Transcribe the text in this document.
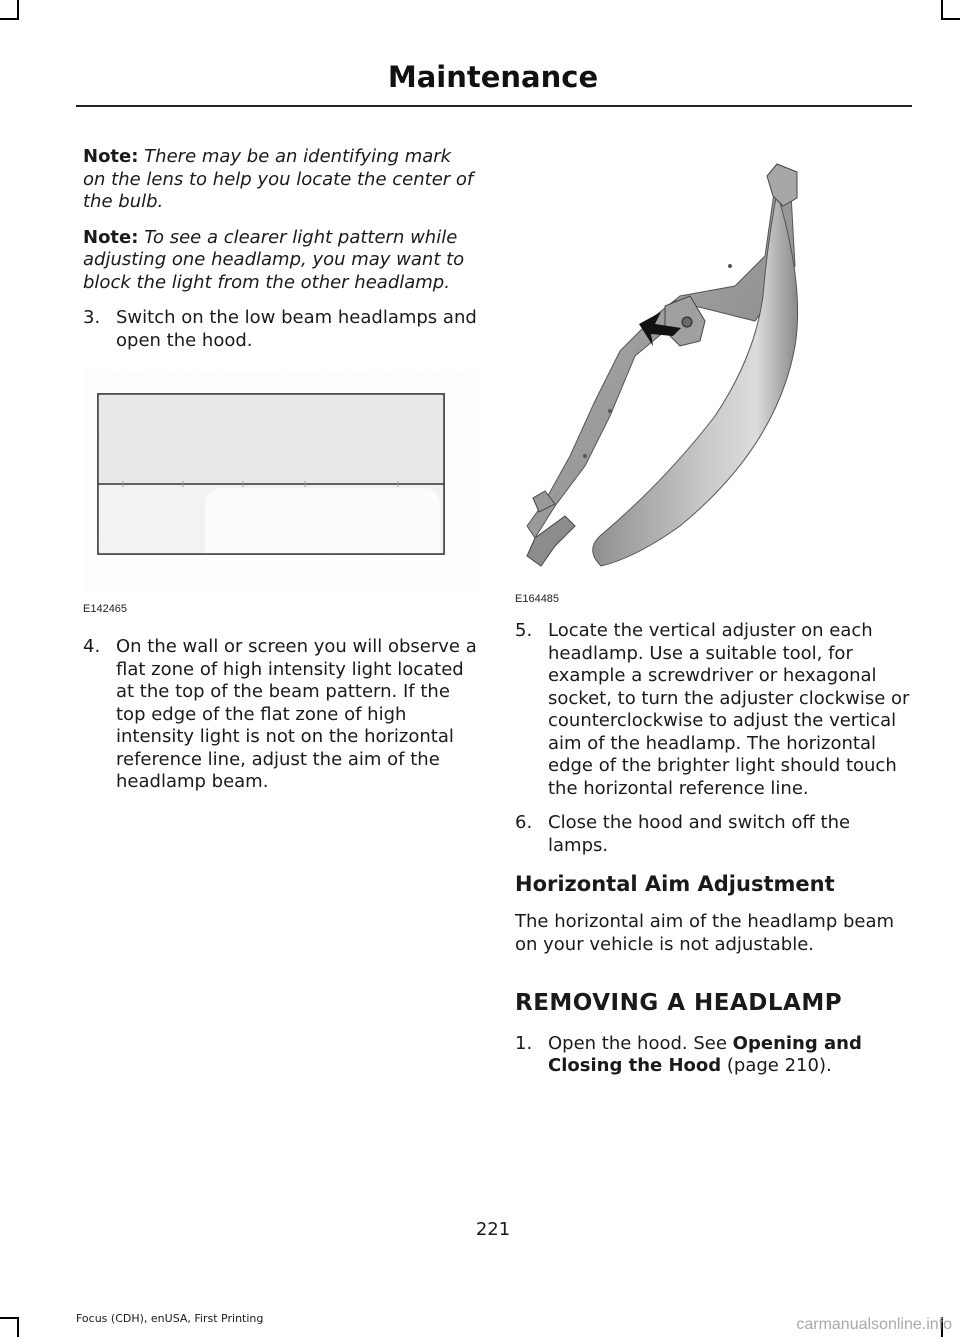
Maintenance

Note: There may be an identifying mark on the lens to help you locate the center of the bulb.

Note: To see a clearer light pattern while adjusting one headlamp, you may want to block the light from the other headlamp.

3. Switch on the low beam headlamps and open the hood.
E142465
4. On the wall or screen you will observe a flat zone of high intensity light located at the top of the beam pattern. If the top edge of the flat zone of high intensity light is not on the horizontal reference line, adjust the aim of the headlamp beam.
E164485
5. Locate the vertical adjuster on each headlamp. Use a suitable tool, for example a screwdriver or hexagonal socket, to turn the adjuster clockwise or counterclockwise to adjust the vertical aim of the headlamp. The horizontal edge of the brighter light should touch the horizontal reference line.
6. Close the hood and switch off the lamps.
Horizontal Aim Adjustment

The horizontal aim of the headlamp beam on your vehicle is not adjustable.

REMOVING A HEADLAMP
1. Open the hood. See Opening and Closing the Hood (page 210).
221
Focus (CDH), enUSA, First Printing	carmanualsonline.info
